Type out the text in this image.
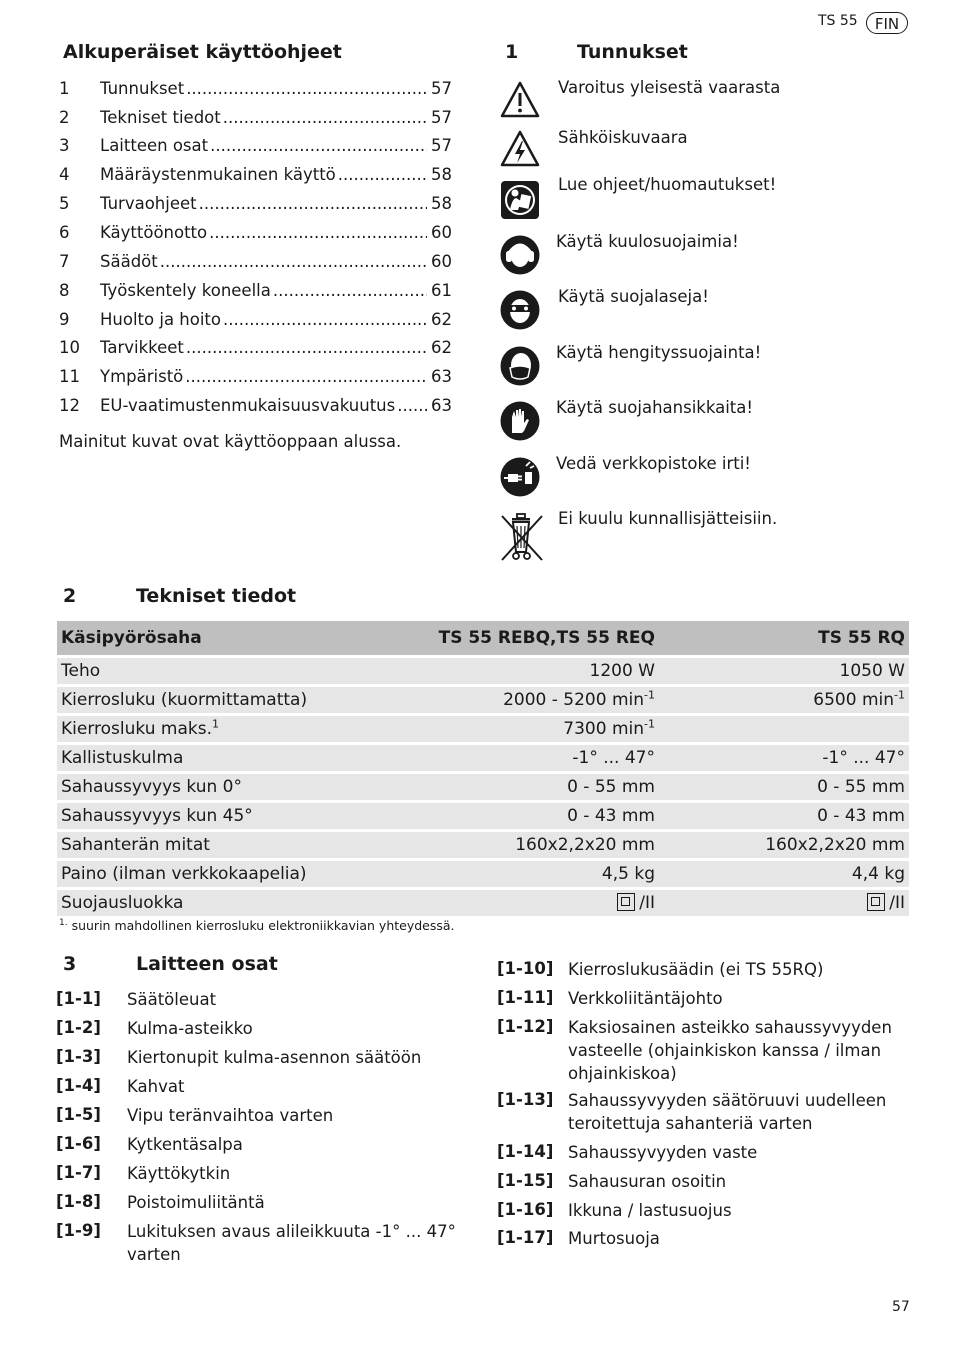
TS 55	FIN
Alkuperäiset käyttöohjeet
1	Tunnukset .....	57
2	Tekniset tiedot .....	57
3	Laitteen osat .....	57
4	Määräystenmukainen käyttö .....	58
5	Turvaohjeet .....	58
6	Käyttöönotto .....	60
7	Säädöt .....	60
8	Työskentely koneella .....	61
9	Huolto ja hoito .....	62
10	Tarvikkeet .....	62
11	Ympäristö .....	63
12	EU-vaatimustenmukaisuusvakuutus ..... 63
Mainitut kuvat ovat käyttöoppaan alussa.
1	Tunnukset
Varoitus yleisestä vaarasta
Sähköiskuvaara
Lue ohjeet/huomautukset!
Käytä kuulosuojaimia!
Käytä suojalaseja!
Käytä hengityssuojainta!
Käytä suojahansikkaita!
Vedä verkkopistoke irti!
Ei kuulu kunnallisjätteisiin.
2	Tekniset tiedot
Käsipyörösaha	TS 55 REBQ,TS 55 REQ	TS 55 RQ
Teho	1200 W	1050 W
Kierrosluku (kuormittamatta)	2000 - 5200 $\min^{-1}$	6500 $\min^{-1}$
Kierrosluku maks.$^1$	7300 $\min^{-1}$	
Kallistuskulma	-1° ... 47°	-1° ... 47°
Sahaussyvyys kun 0°	0 - 55 mm	0 - 55 mm
Sahaussyvyys kun 45°	0 - 43 mm	0 - 43 mm
Sahanterän mitat	160x2,2x20 mm	160x2,2x20 mm
Paino (ilman verkkokaapelia)	4,5 kg	4,4 kg
Suojausluokka	/II	/II
$^{1.}$ suurin mahdollinen kierrosluku elektroniikkavian yhteydessä.
3	Laitteen osat
[1-1] Säätöleuat
[1-2] Kulma-asteikko
[1-3] Kiertonupit kulma-asennon säätöön
[1-4] Kahvat
[1-5] Vipu teränvaihtoa varten
[1-6] Kytkentäsalpa
[1-7] Käyttökytkin
[1-8] Poistoimuliitäntä
[1-9] Lukituksen avaus alileikkuuta -1° ... 47° varten
[1-10] Kierroslukusäädin (ei TS 55RQ)
[1-11] Verkkoliitäntäjohto
[1-12] Kaksiosainen asteikko sahaussyvyyden vasteelle (ohjainkiskon kanssa / ilman ohjainkiskoa)
[1-13] Sahaussyvyyden säätöruuvi uudelleen teroitettuja sahanteriä varten
[1-14] Sahaussyvyyden vaste
[1-15] Sahausuran osoitin
[1-16] Ikkuna / lastusuojus
[1-17] Murtosuoja
57
